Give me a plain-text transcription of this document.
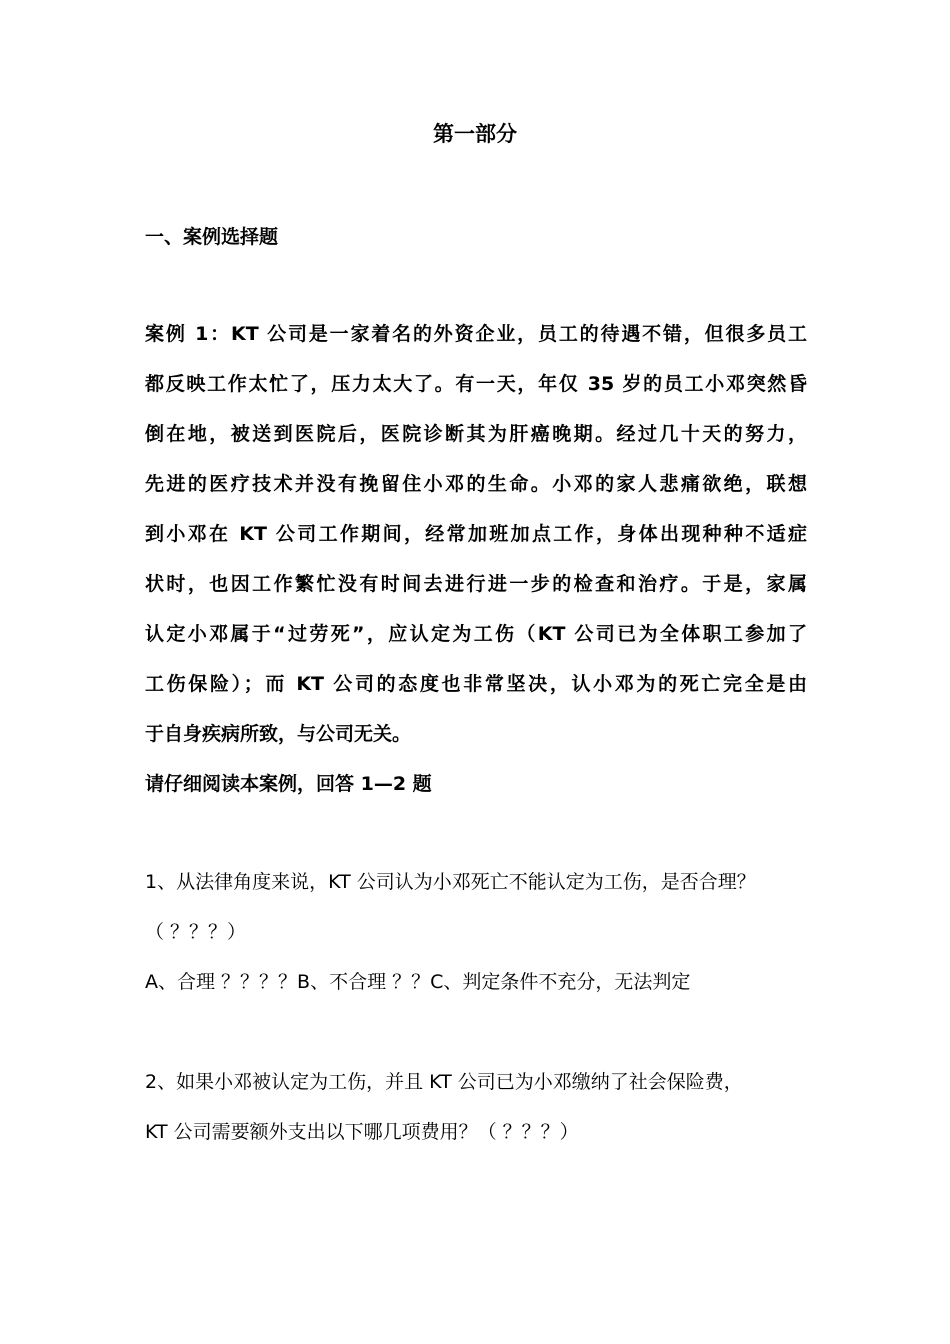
第一部分
一、案例选择题
案例 1：KT 公司是一家着名的外资企业，员工的待遇不错，但很多员工
都反映工作太忙了，压力太大了。有一天，年仅 35 岁的员工小邓突然昏
倒在地，被送到医院后，医院诊断其为肝癌晚期。经过几十天的努力，
先进的医疗技术并没有挽留住小邓的生命。小邓的家人悲痛欲绝，联想
到小邓在 KT 公司工作期间，经常加班加点工作，身体出现种种不适症
状时，也因工作繁忙没有时间去进行进一步的检查和治疗。于是，家属
认定小邓属于“过劳死”，应认定为工伤（KT 公司已为全体职工参加了
工伤保险）；而 KT 公司的态度也非常坚决，认小邓为的死亡完全是由
于自身疾病所致，与公司无关。
请仔细阅读本案例，回答 1—2 题
1、从法律角度来说，KT 公司认为小邓死亡不能认定为工伤，是否合理？
（ ？？？）
A、合理 ？？？？B、不合理 ？？C、判定条件不充分，无法判定
2、如果小邓被认定为工伤，并且 KT 公司已为小邓缴纳了社会保险费，
KT 公司需要额外支出以下哪几项费用？（ ？？？）
